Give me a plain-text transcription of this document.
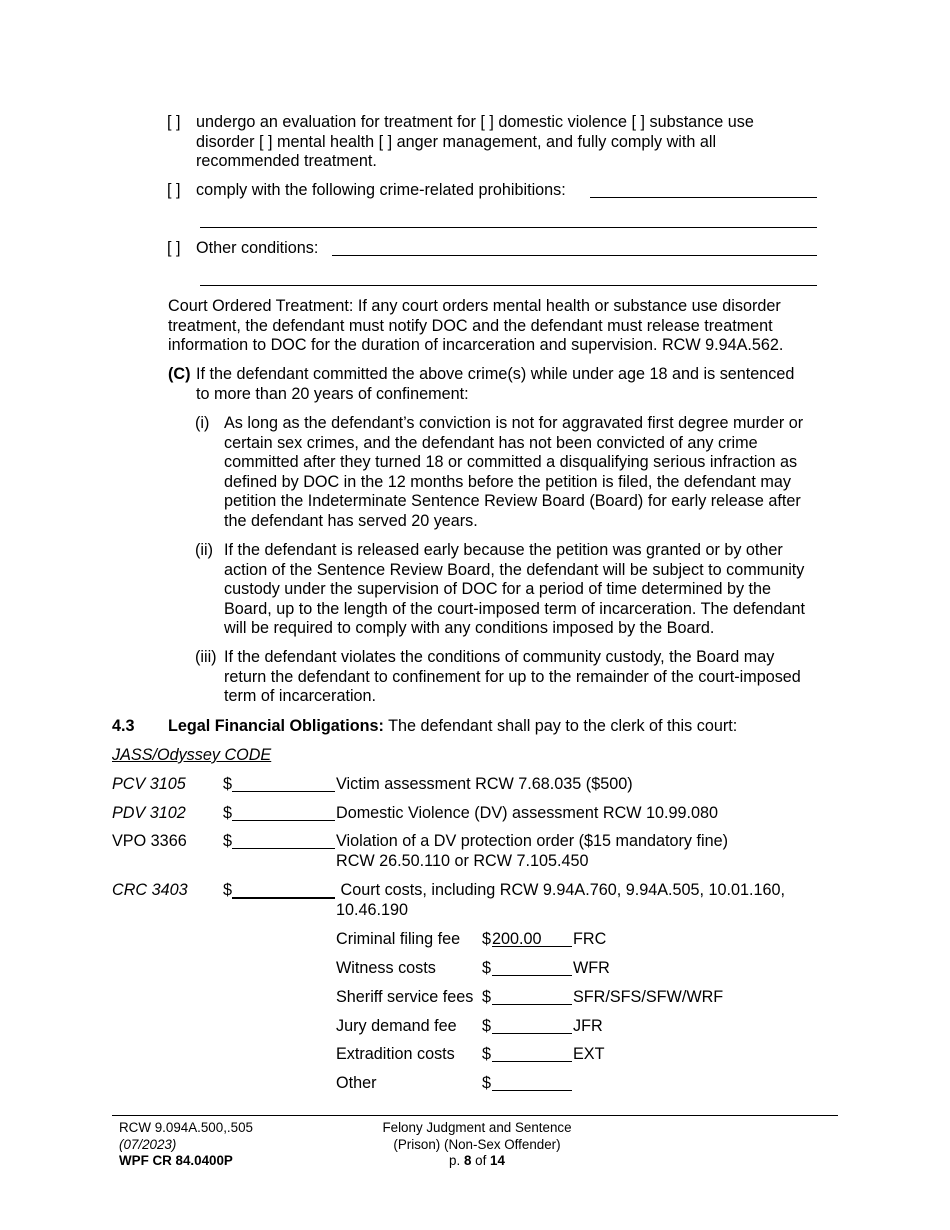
[ ] undergo an evaluation for treatment for [ ] domestic violence [ ] substance use
disorder [ ] mental health [ ] anger management, and fully comply with all
recommended treatment.
[ ] comply with the following crime-related prohibitions:
[ ] Other conditions:
Court Ordered Treatment: If any court orders mental health or substance use disorder
treatment, the defendant must notify DOC and the defendant must release treatment
information to DOC for the duration of incarceration and supervision. RCW 9.94A.562.
(C) If the defendant committed the above crime(s) while under age 18 and is sentenced
to more than 20 years of confinement:
(i) As long as the defendant’s conviction is not for aggravated first degree murder or
certain sex crimes, and the defendant has not been convicted of any crime
committed after they turned 18 or committed a disqualifying serious infraction as
defined by DOC in the 12 months before the petition is filed, the defendant may
petition the Indeterminate Sentence Review Board (Board) for early release after
the defendant has served 20 years.
(ii) If the defendant is released early because the petition was granted or by other
action of the Sentence Review Board, the defendant will be subject to community
custody under the supervision of DOC for a period of time determined by the
Board, up to the length of the court-imposed term of incarceration. The defendant
will be required to comply with any conditions imposed by the Board.
(iii) If the defendant violates the conditions of community custody, the Board may
return the defendant to confinement for up to the remainder of the court-imposed
term of incarceration.
4.3 Legal Financial Obligations: The defendant shall pay to the clerk of this court:
JASS/Odyssey CODE
PCV 3105 $	Victim assessment RCW 7.68.035 ($500)
PDV 3102 $	Domestic Violence (DV) assessment RCW 10.99.080
VPO 3366 $	Violation of a DV protection order ($15 mandatory fine)
RCW 26.50.110 or RCW 7.105.450
CRC 3403 $	Court costs, including RCW 9.94A.760, 9.94A.505, 10.01.160,
10.46.190
Criminal filing fee $ 200.00	FRC
Witness costs	$	WFR
Sheriff service fees $	SFR/SFS/SFW/WRF
Jury demand fee $	JFR
Extradition costs $	EXT
Other	$
RCW 9.094A.500,.505
(07/2023)
WPF CR 84.0400P
Felony Judgment and Sentence
(Prison) (Non-Sex Offender)
p. 8 of 14
